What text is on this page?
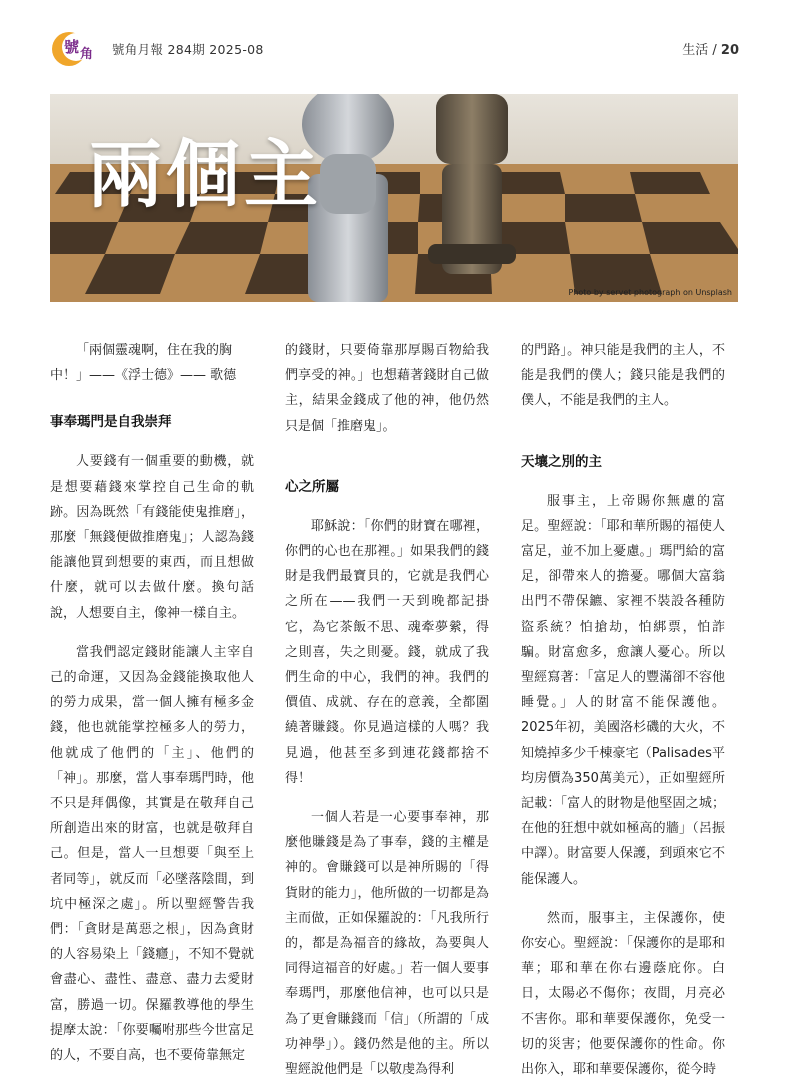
號 角 號角月報 284期 2025-08	生活 / 20
兩個主
Photo by servet photograph on Unsplash

「兩個靈魂啊，住在我的胸

中！」——《浮士德》—— 歌德

事奉瑪門是自我崇拜

人要錢有一個重要的動機，就是想要藉錢來掌控自己生命的軌跡。因為既然「有錢能使鬼推磨」，那麼「無錢便做推磨鬼」；人認為錢能讓他買到想要的東西，而且想做什麼，就可以去做什麼。換句話說，人想要自主，像神一樣自主。

當我們認定錢財能讓人主宰自己的命運，又因為金錢能換取他人的勞力成果，當一個人擁有極多金錢，他也就能掌控極多人的勞力，他就成了他們的「主」、他們的「神」。那麼，當人事奉瑪門時，他不只是拜偶像，其實是在敬拜自己所創造出來的財富，也就是敬拜自己。但是，當人一旦想要「與至上者同等」，就反而「必墜落陰間，到坑中極深之處」。所以聖經警告我們：「貪財是萬惡之根」，因為貪財的人容易染上「錢癮」，不知不覺就會盡心、盡性、盡意、盡力去愛財富，勝過一切。保羅教導他的學生提摩太說：「你要囑咐那些今世富足的人，不要自高，也不要倚靠無定

的錢財，只要倚靠那厚賜百物給我們享受的神。」也想藉著錢財自己做主，結果金錢成了他的神，他仍然只是個「推磨鬼」。

心之所屬

耶穌說：「你們的財寶在哪裡，你們的心也在那裡。」如果我們的錢財是我們最寶貝的，它就是我們心之所在——我們一天到晚都記掛它，為它茶飯不思、魂牽夢縈，得之則喜，失之則憂。錢，就成了我們生命的中心，我們的神。我們的價值、成就、存在的意義，全都圍繞著賺錢。你見過這樣的人嗎？我見過，他甚至多到連花錢都捨不得！

一個人若是一心要事奉神，那麼他賺錢是為了事奉，錢的主權是神的。會賺錢可以是神所賜的「得貨財的能力」，他所做的一切都是為主而做，正如保羅說的：「凡我所行的，都是為福音的緣故，為要與人同得這福音的好處。」若一個人要事奉瑪門，那麼他信神，也可以只是為了更會賺錢而「信」（所謂的「成功神學」）。錢仍然是他的主。所以聖經說他們是「以敬虔為得利

的門路」。神只能是我們的主人，不能是我們的僕人；錢只能是我們的僕人，不能是我們的主人。

天壤之別的主

服事主，上帝賜你無慮的富足。聖經說：「耶和華所賜的福使人富足，並不加上憂慮。」瑪門給的富足，卻帶來人的擔憂。哪個大富翁出門不帶保鑣、家裡不裝設各種防盜系統？怕搶劫，怕綁票，怕詐騙。財富愈多，愈讓人憂心。所以聖經寫著：「富足人的豐滿卻不容他睡覺。」人的財富不能保護他。2025年初，美國洛杉磯的大火，不知燒掉多少千棟豪宅（Palisades平均房價為350萬美元），正如聖經所記載：「富人的財物是他堅固之城；在他的狂想中就如極高的牆」（呂振中譯）。財富要人保護，到頭來它不能保護人。

然而，服事主，主保護你，使你安心。聖經說：「保護你的是耶和華；耶和華在你右邊蔭庇你。白日，太陽必不傷你；夜間，月亮必不害你。耶和華要保護你，免受一切的災害；他要保護你的性命。你出你入，耶和華要保護你，從今時
